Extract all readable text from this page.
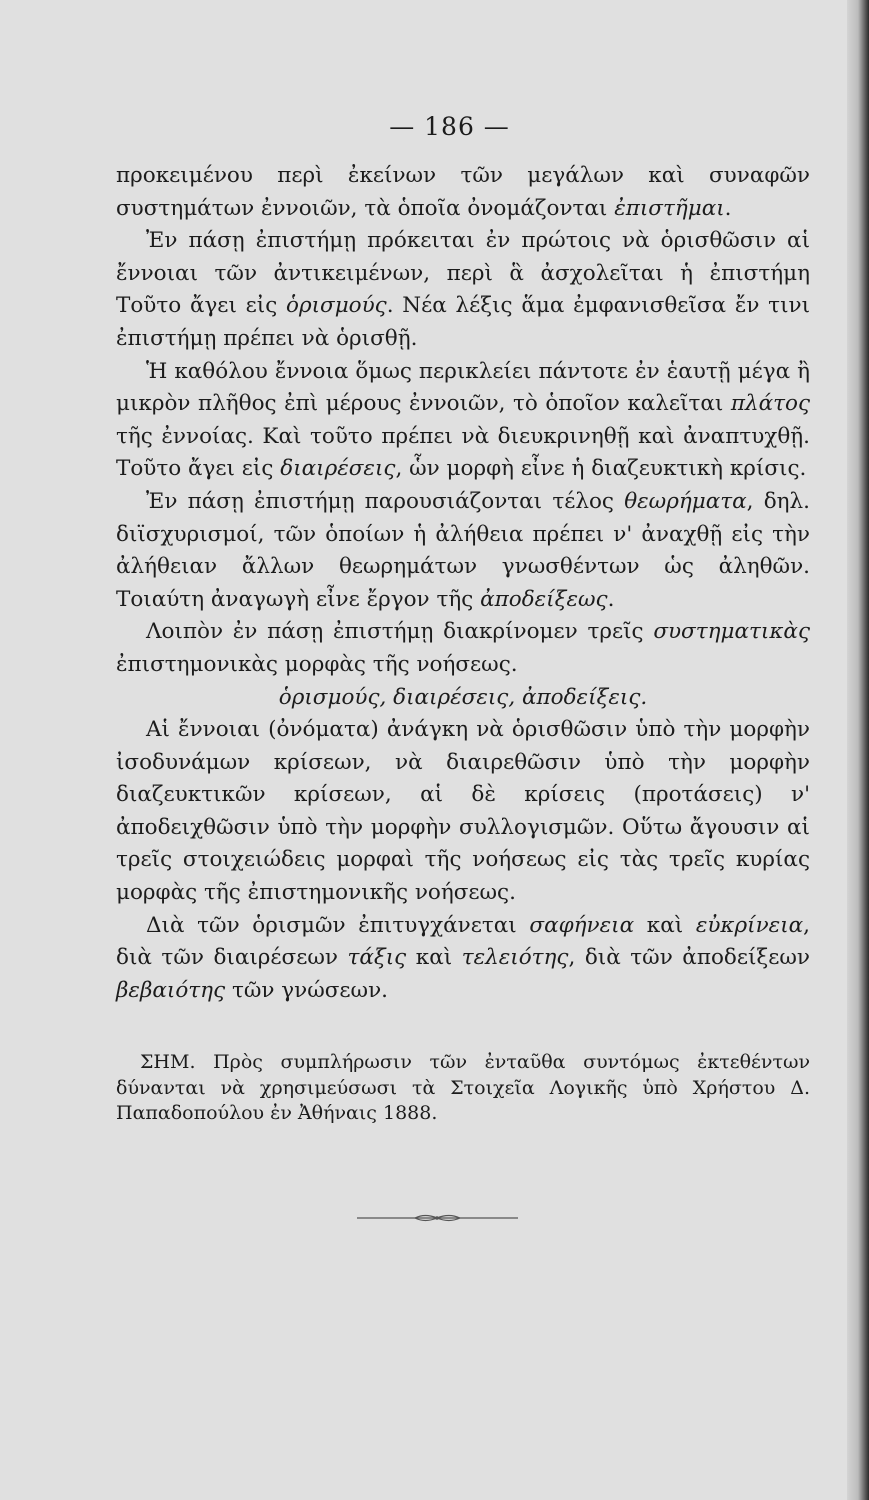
— 186 —

προκειμένου περὶ ἐκείνων τῶν μεγάλων καὶ συναφῶν συστημάτων ἐννοιῶν, τὰ ὁποῖα ὀνομάζονται ἐπιστῆμαι.

Ἐν πάσῃ ἐπιστήμῃ πρόκειται ἐν πρώτοις νὰ ὁρισθῶσιν αἱ ἔννοιαι τῶν ἀντικειμένων, περὶ ἃ ἀσχολεῖται ἡ ἐπιστήμη Τοῦτο ἄγει εἰς ὁρισμούς. Νέα λέξις ἅμα ἐμφανισθεῖσα ἔν τινι ἐπιστήμῃ πρέπει νὰ ὁρισθῇ.

Ἡ καθόλου ἔννοια ὅμως περικλείει πάντοτε ἐν ἑαυτῇ μέγα ἢ μικρὸν πλῆθος ἐπὶ μέρους ἐννοιῶν, τὸ ὁποῖον καλεῖται πλάτος τῆς ἐννοίας. Καὶ τοῦτο πρέπει νὰ διευκρινηθῇ καὶ ἀναπτυχθῇ. Τοῦτο ἄγει εἰς διαιρέσεις, ὧν μορφὴ εἶνε ἡ διαζευκτικὴ κρίσις.

Ἐν πάσῃ ἐπιστήμῃ παρουσιάζονται τέλος θεωρήματα, δηλ. διϊσχυρισμοί, τῶν ὁποίων ἡ ἀλήθεια πρέπει ν' ἀναχθῇ εἰς τὴν ἀλήθειαν ἄλλων θεωρημάτων γνωσθέντων ὡς ἀληθῶν. Τοιαύτη ἀναγωγὴ εἶνε ἔργον τῆς ἀποδείξεως.

Λοιπὸν ἐν πάσῃ ἐπιστήμῃ διακρίνομεν τρεῖς συστηματικὰς ἐπιστημονικὰς μορφὰς τῆς νοήσεως.

ὁρισμούς, διαιρέσεις, ἀποδείξεις.

Αἱ ἔννοιαι (ὀνόματα) ἀνάγκη νὰ ὁρισθῶσιν ὑπὸ τὴν μορφὴν ἰσοδυνάμων κρίσεων, νὰ διαιρεθῶσιν ὑπὸ τὴν μορφὴν διαζευκτικῶν κρίσεων, αἱ δὲ κρίσεις (προτάσεις) ν' ἀποδειχθῶσιν ὑπὸ τὴν μορφὴν συλλογισμῶν. Οὕτω ἄγουσιν αἱ τρεῖς στοιχειώδεις μορφαὶ τῆς νοήσεως εἰς τὰς τρεῖς κυρίας μορφὰς τῆς ἐπιστημονικῆς νοήσεως.

Διὰ τῶν ὁρισμῶν ἐπιτυγχάνεται σαφήνεια καὶ εὐκρίνεια, διὰ τῶν διαιρέσεων τάξις καὶ τελειότης, διὰ τῶν ἀποδείξεων βεβαιότης τῶν γνώσεων.

ΣΗΜ. Πρὸς συμπλήρωσιν τῶν ἐνταῦθα συντόμως ἐκτεθέντων δύνανται νὰ χρησιμεύσωσι τὰ Στοιχεῖα Λογικῆς ὑπὸ Χρήστου Δ. Παπαδοπούλου ἐν Ἀθήναις 1888.
